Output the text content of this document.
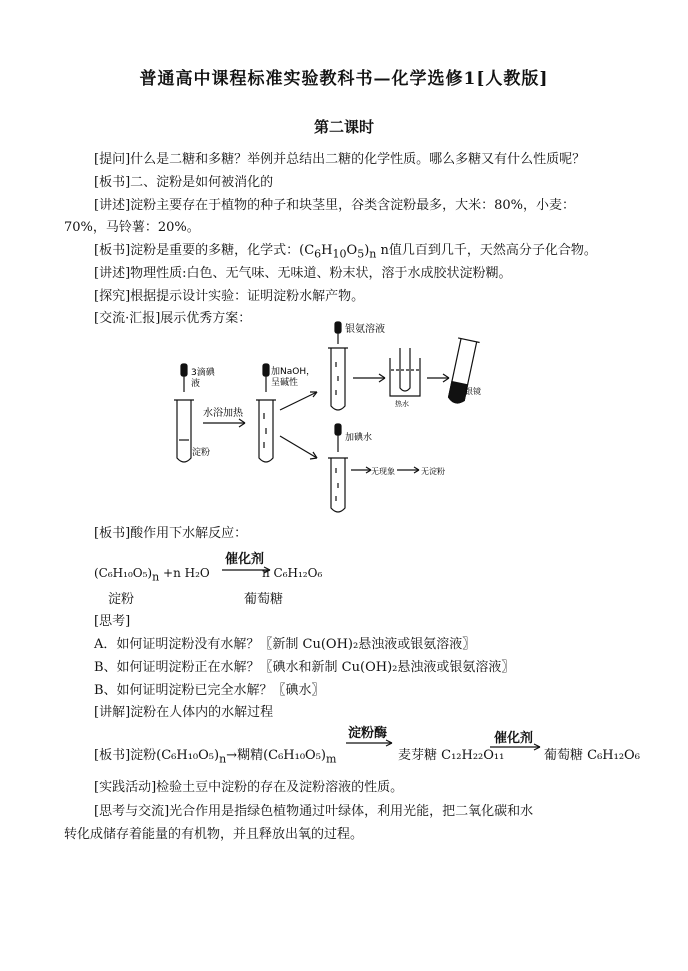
普通高中课程标准实验教科书—化学选修1[人教版]
第二课时
[提问]什么是二糖和多糖？举例并总结出二糖的化学性质。哪么多糖又有什么性质呢？
[板书]二、淀粉是如何被消化的
[讲述]淀粉主要存在于植物的种子和块茎里，谷类含淀粉最多，大米：80%，小麦：
70%，马铃薯：20%。
[板书]淀粉是重要的多糖，化学式：$(C_6H_{10}O_5)_n$ n值几百到几千，天然高分子化合物。
[讲述]物理性质:白色、无气味、无味道、粉末状，溶于水成胶状淀粉糊。
[探究]根据提示设计实验：证明淀粉水解产物。
[交流·汇报]展示优秀方案：
3滴碘
液
加NaOH，
呈碱性
水浴加热
淀粉
银氨溶液
热水
银镜
加碘水
无现象	无淀粉
[板书]酸作用下水解反应：
催化剂
$(C_6H_{10}O_5)_n +n$ H₂O	n C₆H₁₂O₆
淀粉	葡萄糖
[思考]
A．如何证明淀粉没有水解？〖新制 Cu(OH)₂悬浊液或银氨溶液〗
B、如何证明淀粉正在水解？〖碘水和新制 Cu(OH)₂悬浊液或银氨溶液〗
B、如何证明淀粉已完全水解？〖碘水〗
[讲解]淀粉在人体内的水解过程
淀粉酶	催化剂
[板书]淀粉$(C_6H_{10}O_5)_n\to$糊精$(C_6H_{10}O_5)_m$	麦芽糖 C₁₂H₂₂O₁₁	葡萄糖 C₆H₁₂O₆
[实践活动]检验土豆中淀粉的存在及淀粉溶液的性质。
[思考与交流]光合作用是指绿色植物通过叶绿体，利用光能，把二氧化碳和水
转化成储存着能量的有机物，并且释放出氧的过程。
